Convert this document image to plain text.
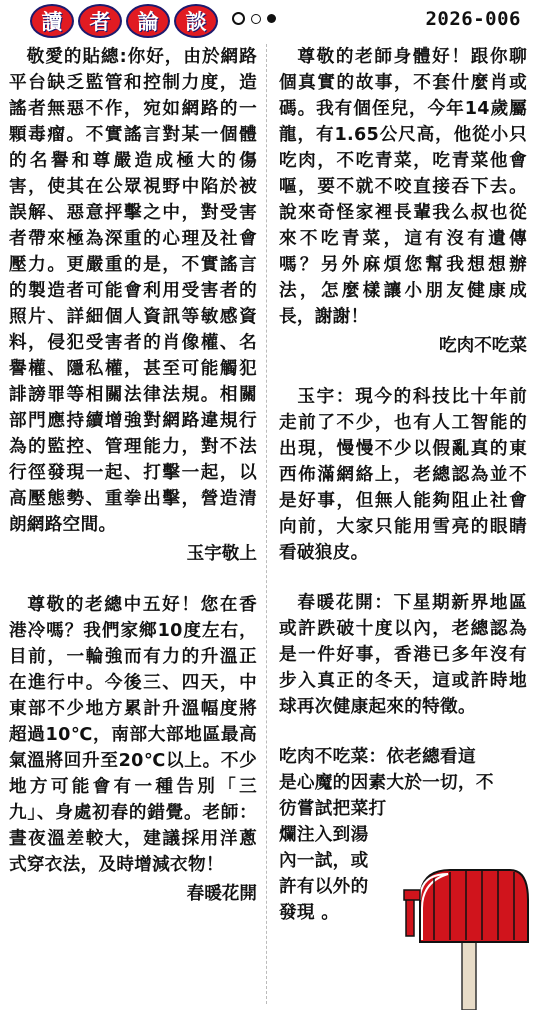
讀	者	論	談	2026-006

敬愛的貼總:你好，由於網路平台缺乏監管和控制力度，造謠者無惡不作，宛如網路的一顆毒瘤。不實謠言對某一個體的名譽和尊嚴造成極大的傷害，使其在公眾視野中陷於被誤解、惡意抨擊之中，對受害者帶來極為深重的心理及社會壓力。更嚴重的是，不實謠言的製造者可能會利用受害者的照片、詳細個人資訊等敏感資料，侵犯受害者的肖像權、名譽權、隱私權，甚至可能觸犯誹謗罪等相關法律法規。相關部門應持續增強對網路違規行為的監控、管理能力，對不法行徑發現一起、打擊一起，以高壓態勢、重拳出擊，營造清朗網路空間。

玉宇敬上

尊敬的老總中五好！您在香港冷嗎？我們家鄉10度左右，目前，一輪強而有力的升溫正在進行中。今後三、四天，中東部不少地方累計升溫幅度將超過10℃，南部大部地區最高氣溫將回升至20℃以上。不少地方可能會有一種告別「三九」、身處初春的錯覺。老師：晝夜溫差較大，建議採用洋蔥式穿衣法，及時增減衣物！

春暖花開

尊敬的老師身體好！跟你聊個真實的故事，不套什麼肖或碼。我有個侄兒，今年14歲屬龍，有1.65公尺高，他從小只吃肉，不吃青菜，吃青菜他會嘔，要不就不咬直接吞下去。說來奇怪家裡長輩我么叔也從來不吃青菜，這有沒有遺傳嗎？另外麻煩您幫我想想辦法，怎麼樣讓小朋友健康成長，謝謝！

吃肉不吃菜

玉宇：現今的科技比十年前走前了不少，也有人工智能的出現，慢慢不少以假亂真的東西佈滿網絡上，老總認為並不是好事，但無人能夠阻止社會向前，大家只能用雪亮的眼睛看破狼皮。

春暖花開：下星期新界地區或許跌破十度以內，老總認為是一件好事，香港已多年沒有步入真正的冬天，這或許時地球再次健康起來的特徵。

吃肉不吃菜：依老總看這

是心魔的因素大於一切，不

彷嘗試把菜打

爛注入到湯

內一試，或

許有以外的

發現 。
